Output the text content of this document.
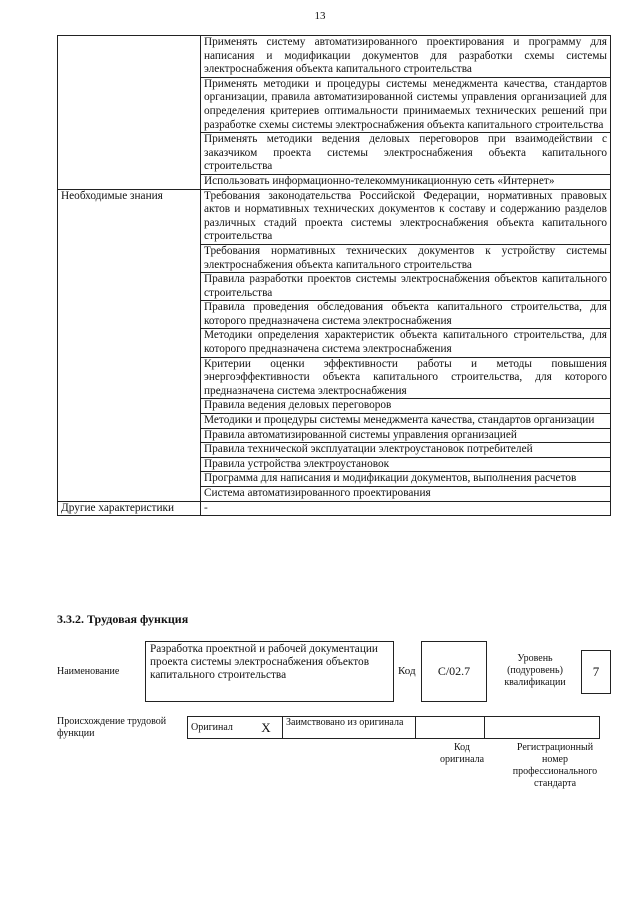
13
	Применять систему автоматизированного проектирования и программу для написания и модификации документов для разработки схемы системы электроснабжения объекта капитального строительства
	Применять методики и процедуры системы менеджмента качества, стандартов организации, правила автоматизированной системы управления организацией для определения критериев оптимальности принимаемых технических решений при разработке схемы системы электроснабжения объекта капитального строительства
	Применять методики ведения деловых переговоров при взаимодействии с заказчиком проекта системы электроснабжения объекта капитального строительства
	Использовать информационно-телекоммуникационную сеть «Интернет»
Необходимые знания	Требования законодательства Российской Федерации, нормативных правовых актов и нормативных технических документов к составу и содержанию разделов различных стадий проекта системы электроснабжения объекта капитального строительства
	Требования нормативных технических документов к устройству системы электроснабжения объекта капитального строительства
	Правила разработки проектов системы электроснабжения объектов капитального строительства
	Правила проведения обследования объекта капитального строительства, для которого предназначена система электроснабжения
	Методики определения характеристик объекта капитального строительства, для которого предназначена система электроснабжения
	Критерии оценки эффективности работы и методы повышения энергоэффективности объекта капитального строительства, для которого предназначена система электроснабжения
	Правила ведения деловых переговоров
	Методики и процедуры системы менеджмента качества, стандартов организации
	Правила автоматизированной системы управления организацией
	Правила технической эксплуатации электроустановок потребителей
	Правила устройства электроустановок
	Программа для написания и модификации документов, выполнения расчетов
	Система автоматизированного проектирования
Другие характеристики	-
3.3.2. Трудовая функция
Наименование
Разработка проектной и рабочей документации проекта системы электроснабжения объектов капитального строительства	Код	С/02.7
Уровень (подуровень) квалификации
7
Происхождение трудовой функции
Оригинал	X	Заимствовано из оригинала		
Код оригинала
Регистрационный номер профессионального стандарта
